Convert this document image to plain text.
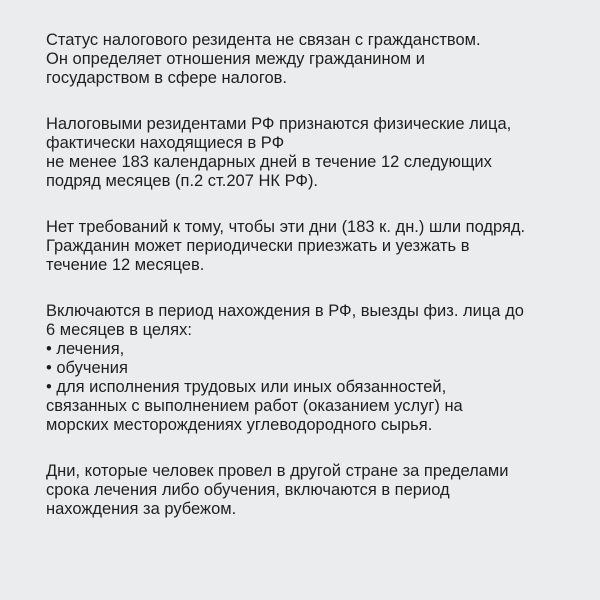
Статус налогового резидента не связан с гражданством.
Он определяет отношения между гражданином и
государством в сфере налогов.
Налоговыми резидентами РФ признаются физические лица,
фактически находящиеся в РФ
не менее 183 календарных дней в течение 12 следующих
подряд месяцев (п.2 ст.207 НК РФ).
Нет требований к тому, чтобы эти дни (183 к. дн.) шли подряд.
Гражданин может периодически приезжать и уезжать в
течение 12 месяцев.
Включаются в период нахождения в РФ, выезды физ. лица до
6 месяцев в целях:
• лечения,
• обучения
• для исполнения трудовых или иных обязанностей,
связанных с выполнением работ (оказанием услуг) на
морских месторождениях углеводородного сырья.
Дни, которые человек провел в другой стране за пределами
срока лечения либо обучения, включаются в период
нахождения за рубежом.
